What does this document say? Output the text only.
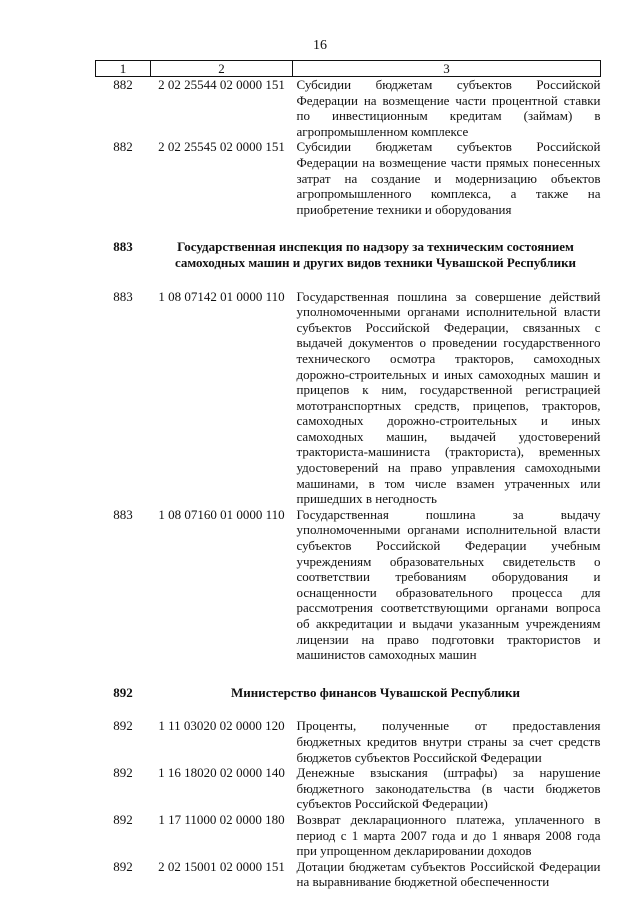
16
1	2	3
882	2 02 25544 02 0000 151	Субсидии бюджетам субъектов Российской Федерации на возмещение части процентной ставки по инвестиционным кредитам (займам) в агропромышленном комплексе
882	2 02 25545 02 0000 151	Субсидии бюджетам субъектов Российской Федерации на возмещение части прямых понесенных затрат на создание и модернизацию объектов агропромышленного комплекса, а также на приобретение техники и оборудования
883	Государственная инспекция по надзору за техническим состоянием самоходных машин и других видов техники Чувашской Республики	
883	1 08 07142 01 0000 110	Государственная пошлина за совершение действий уполномоченными органами исполнительной власти субъектов Российской Федерации, связанных с выдачей документов о проведении государственного технического осмотра тракторов, самоходных дорожно-строительных и иных самоходных машин и прицепов к ним, государственной регистрацией мототранспортных средств, прицепов, тракторов, самоходных дорожно-строительных и иных самоходных машин, выдачей удостоверений тракториста-машиниста (тракториста), временных удостоверений на право управления самоходными машинами, в том числе взамен утраченных или пришедших в негодность
883	1 08 07160 01 0000 110	Государственная пошлина за выдачу уполномоченными органами исполнительной власти субъектов Российской Федерации учебным учреждениям образовательных свидетельств о соответствии требованиям оборудования и оснащенности образовательного процесса для рассмотрения соответствующими органами вопроса об аккредитации и выдачи указанным учреждениям лицензии на право подготовки трактористов и машинистов самоходных машин
892	Министерство финансов Чувашской Республики	
892	1 11 03020 02 0000 120	Проценты, полученные от предоставления бюджетных кредитов внутри страны за счет средств бюджетов субъектов Российской Федерации
892	1 16 18020 02 0000 140	Денежные взыскания (штрафы) за нарушение бюджетного законодательства (в части бюджетов субъектов Российской Федерации)
892	1 17 11000 02 0000 180	Возврат декларационного платежа, уплаченного в период с 1 марта 2007 года и до 1 января 2008 года при упрощенном декларировании доходов
892	2 02 15001 02 0000 151	Дотации бюджетам субъектов Российской Федерации на выравнивание бюджетной обеспеченности
